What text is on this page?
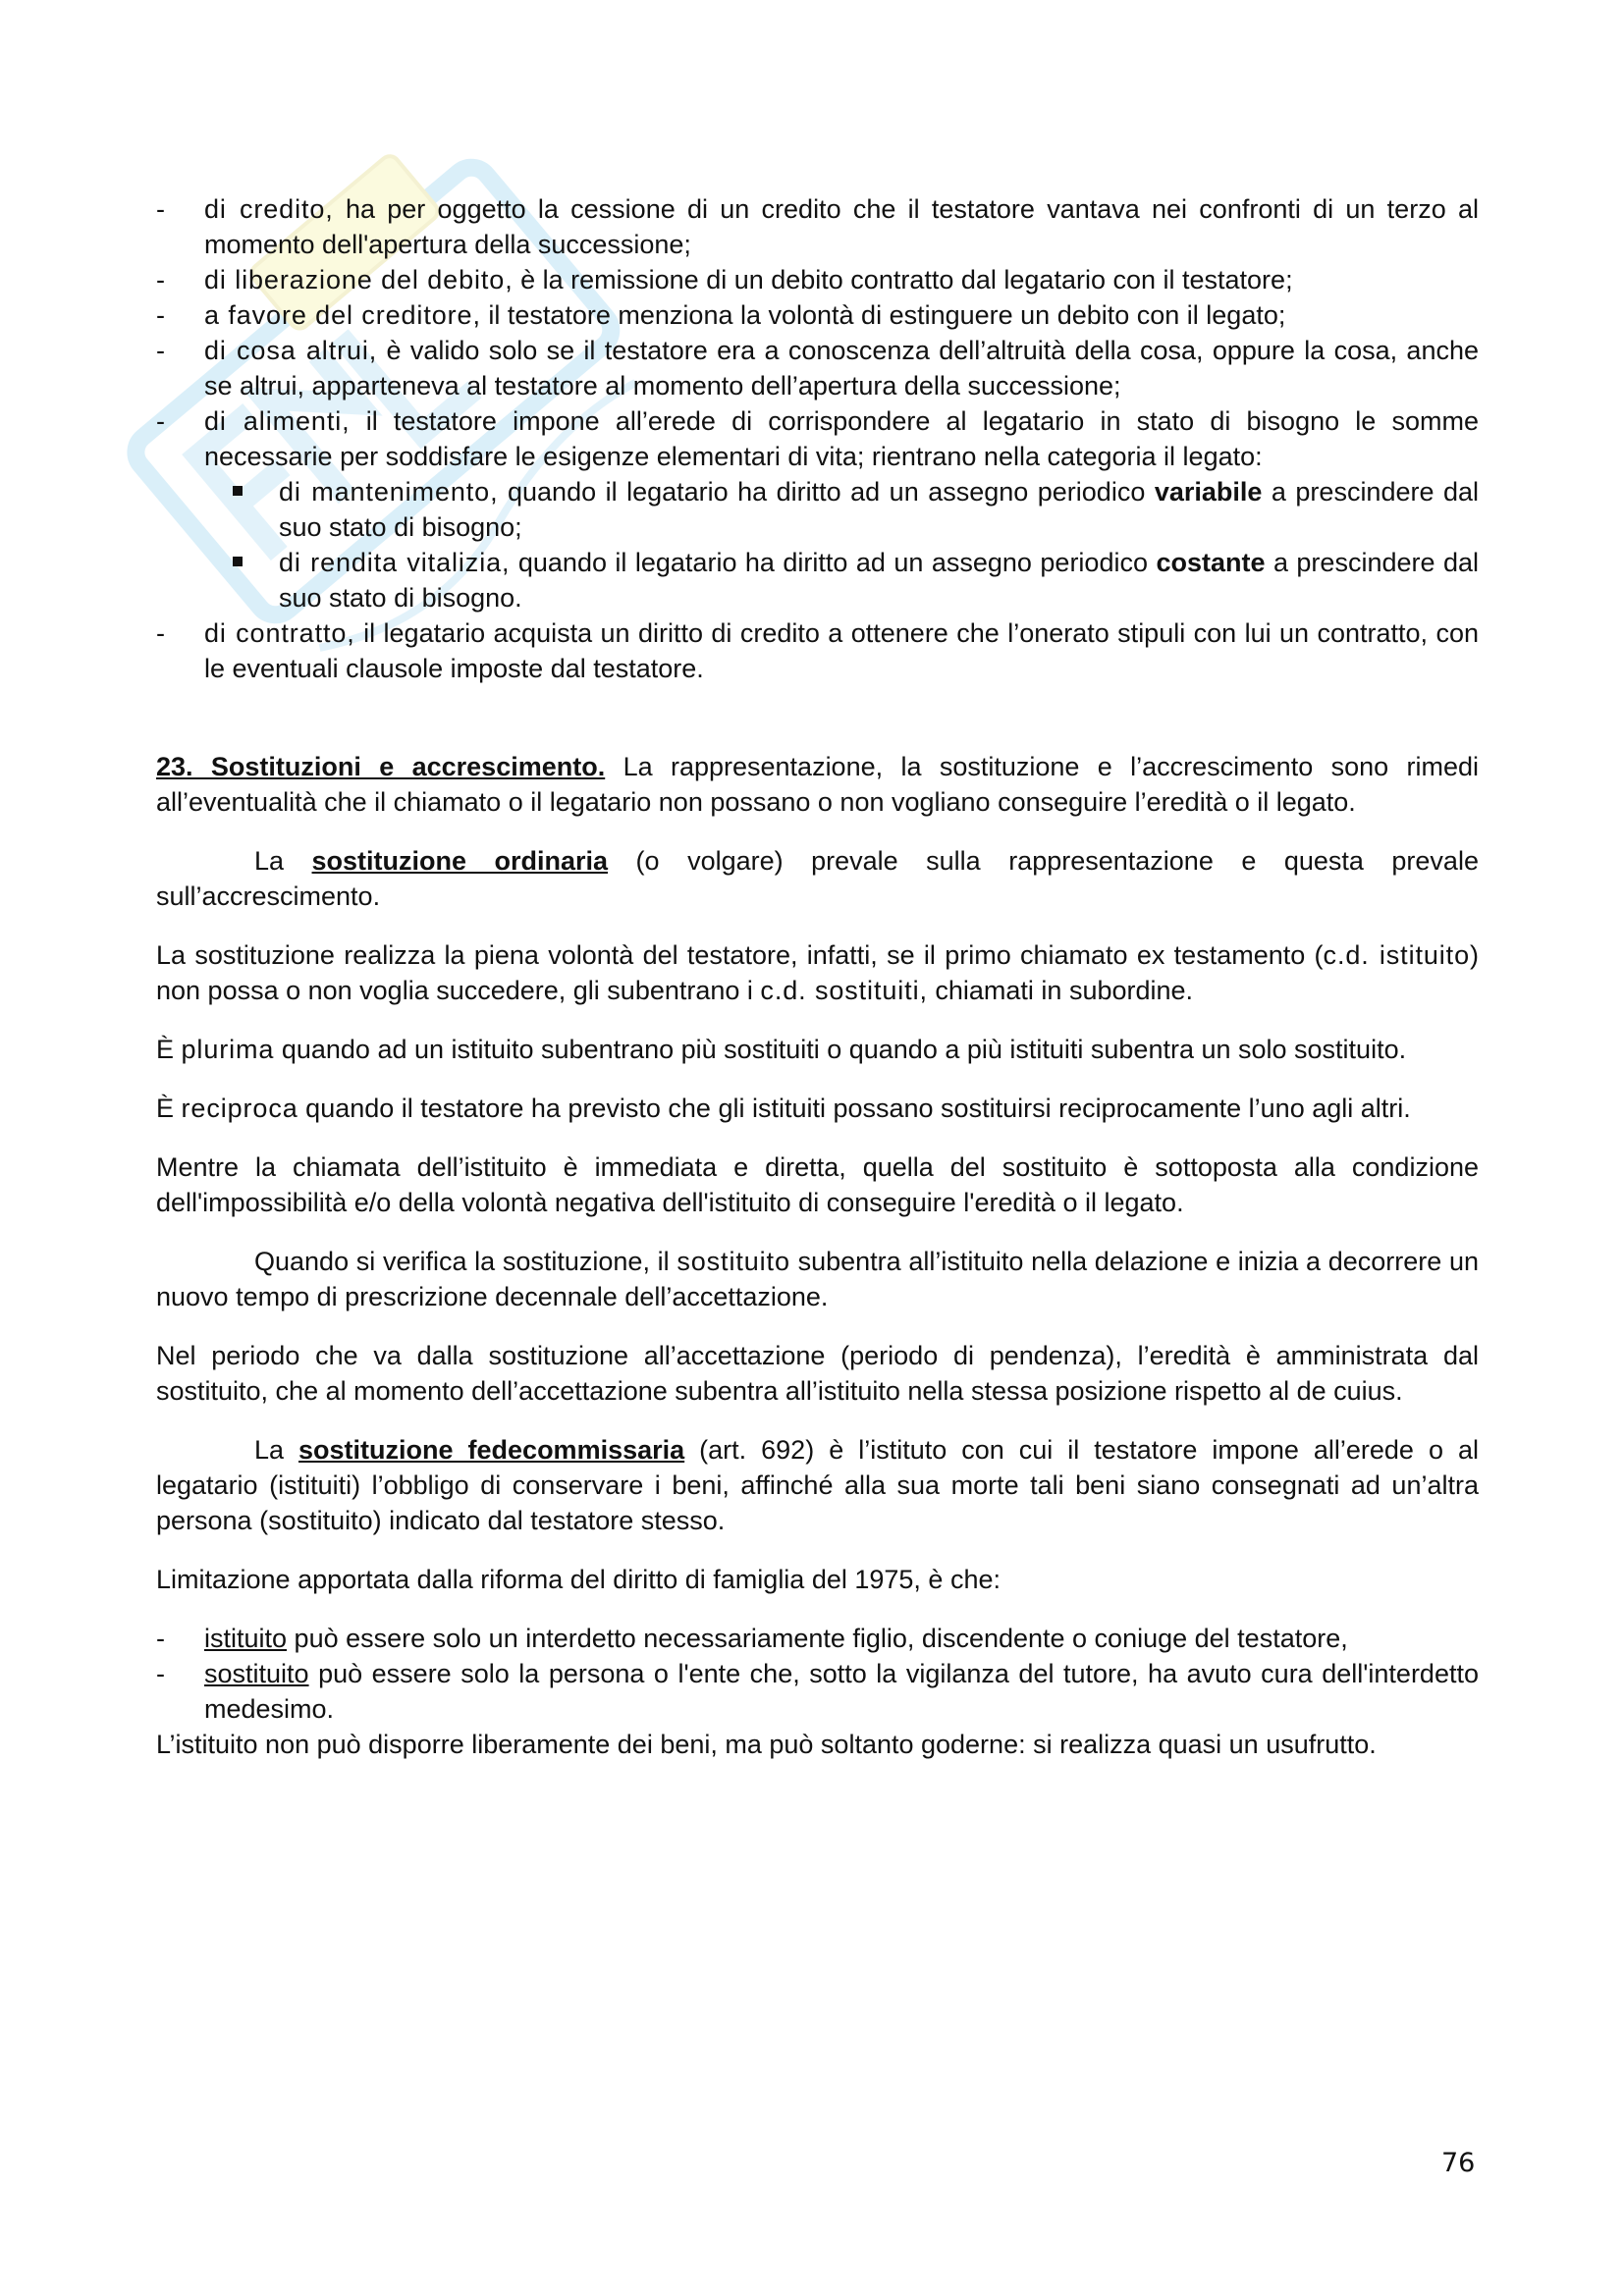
- di credito, ha per oggetto la cessione di un credito che il testatore vantava nei confronti di un terzo al momento dell'apertura della successione;
- di liberazione del debito, è la remissione di un debito contratto dal legatario con il testatore;
- a favore del creditore, il testatore menziona la volontà di estinguere un debito con il legato;
- di cosa altrui, è valido solo se il testatore era a conoscenza dell’altruità della cosa, oppure la cosa, anche se altrui, apparteneva al testatore al momento dell’apertura della successione;
- di alimenti, il testatore impone all’erede di corrispondere al legatario in stato di bisogno le somme necessarie per soddisfare le esigenze elementari di vita; rientrano nella categoria il legato:
di mantenimento, quando il legatario ha diritto ad un assegno periodico variabile a prescindere dal suo stato di bisogno;
di rendita vitalizia, quando il legatario ha diritto ad un assegno periodico costante a prescindere dal suo stato di bisogno.
- di contratto, il legatario acquista un diritto di credito a ottenere che l’onerato stipuli con lui un contratto, con le eventuali clausole imposte dal testatore.

23. Sostituzioni e accrescimento. La rappresentazione, la sostituzione e l’accrescimento sono rimedi all’eventualità che il chiamato o il legatario non possano o non vogliano conseguire l’eredità o il legato.

La sostituzione ordinaria (o volgare) prevale sulla rappresentazione e questa prevale sull’accrescimento.

La sostituzione realizza la piena volontà del testatore, infatti, se il primo chiamato ex testamento (c.d. istituito) non possa o non voglia succedere, gli subentrano i c.d. sostituiti, chiamati in subordine.

È plurima quando ad un istituito subentrano più sostituiti o quando a più istituiti subentra un solo sostituito.

È reciproca quando il testatore ha previsto che gli istituiti possano sostituirsi reciprocamente l’uno agli altri.

Mentre la chiamata dell’istituito è immediata e diretta, quella del sostituito è sottoposta alla condizione dell'impossibilità e/o della volontà negativa dell'istituito di conseguire l'eredità o il legato.

Quando si verifica la sostituzione, il sostituito subentra all’istituito nella delazione e inizia a decorrere un nuovo tempo di prescrizione decennale dell’accettazione.

Nel periodo che va dalla sostituzione all’accettazione (periodo di pendenza), l’eredità è amministrata dal sostituito, che al momento dell’accettazione subentra all’istituito nella stessa posizione rispetto al de cuius.

La sostituzione fedecommissaria (art. 692) è l’istituto con cui il testatore impone all’erede o al legatario (istituiti) l’obbligo di conservare i beni, affinché alla sua morte tali beni siano consegnati ad un’altra persona (sostituito) indicato dal testatore stesso.

Limitazione apportata dalla riforma del diritto di famiglia del 1975, è che:

- istituito può essere solo un interdetto necessariamente figlio, discendente o coniuge del testatore,
- sostituito può essere solo la persona o l'ente che, sotto la vigilanza del tutore, ha avuto cura dell'interdetto medesimo.

L’istituito non può disporre liberamente dei beni, ma può soltanto goderne: si realizza quasi un usufrutto.

76
